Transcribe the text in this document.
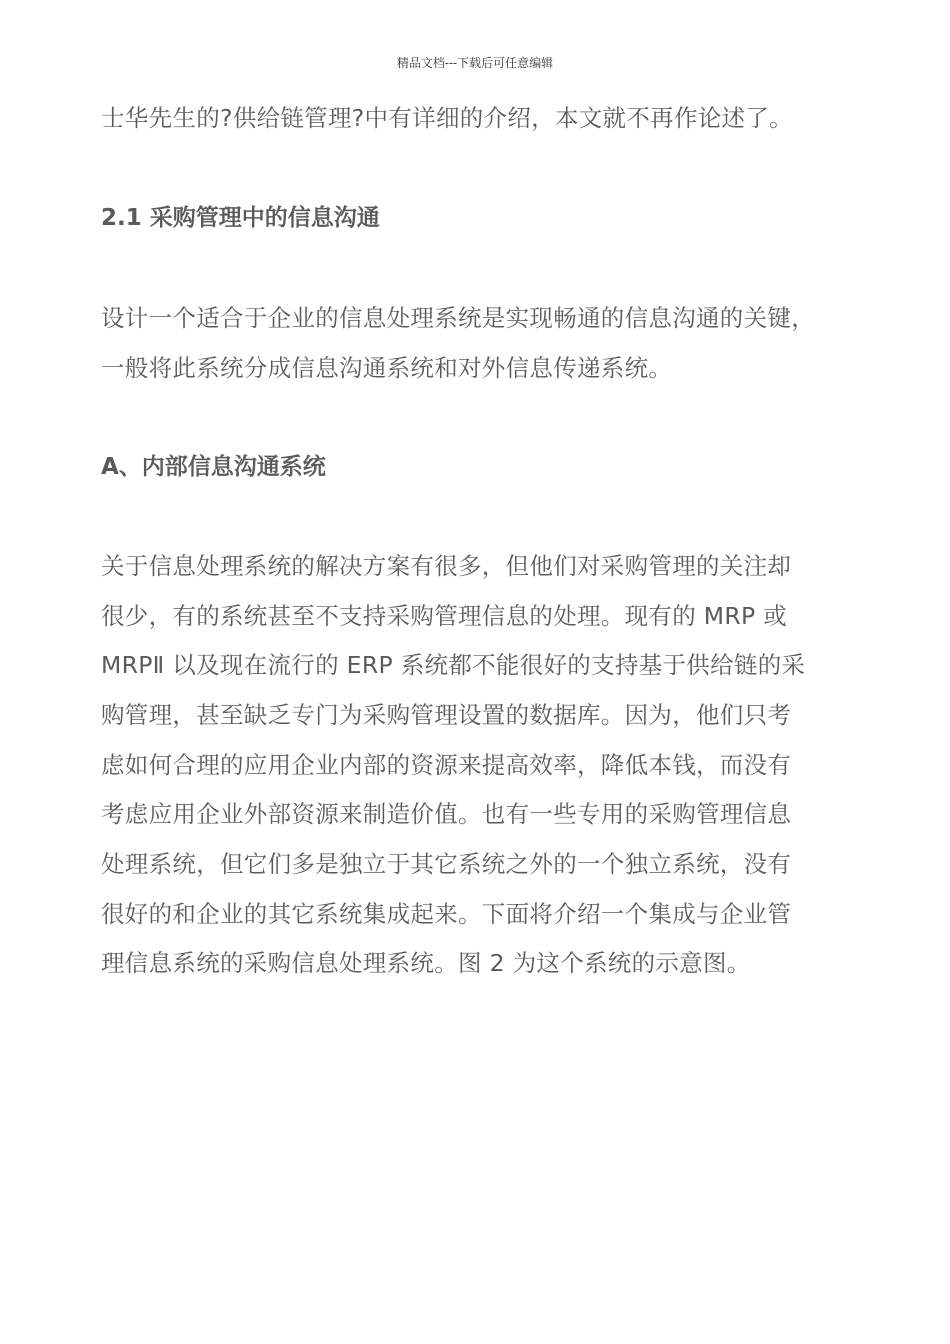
精品文档---下载后可任意编辑
士华先生的?供给链管理?中有详细的介绍，本文就不再作论述了。
2.1 采购管理中的信息沟通
设计一个适合于企业的信息处理系统是实现畅通的信息沟通的关键，
一般将此系统分成信息沟通系统和对外信息传递系统。
A、内部信息沟通系统
关于信息处理系统的解决方案有很多，但他们对采购管理的关注却
很少，有的系统甚至不支持采购管理信息的处理。现有的 MRP 或
MRPⅡ 以及现在流行的 ERP 系统都不能很好的支持基于供给链的采
购管理，甚至缺乏专门为采购管理设置的数据库。因为，他们只考
虑如何合理的应用企业内部的资源来提高效率，降低本钱，而没有
考虑应用企业外部资源来制造价值。也有一些专用的采购管理信息
处理系统，但它们多是独立于其它系统之外的一个独立系统，没有
很好的和企业的其它系统集成起来。下面将介绍一个集成与企业管
理信息系统的采购信息处理系统。图 2 为这个系统的示意图。
